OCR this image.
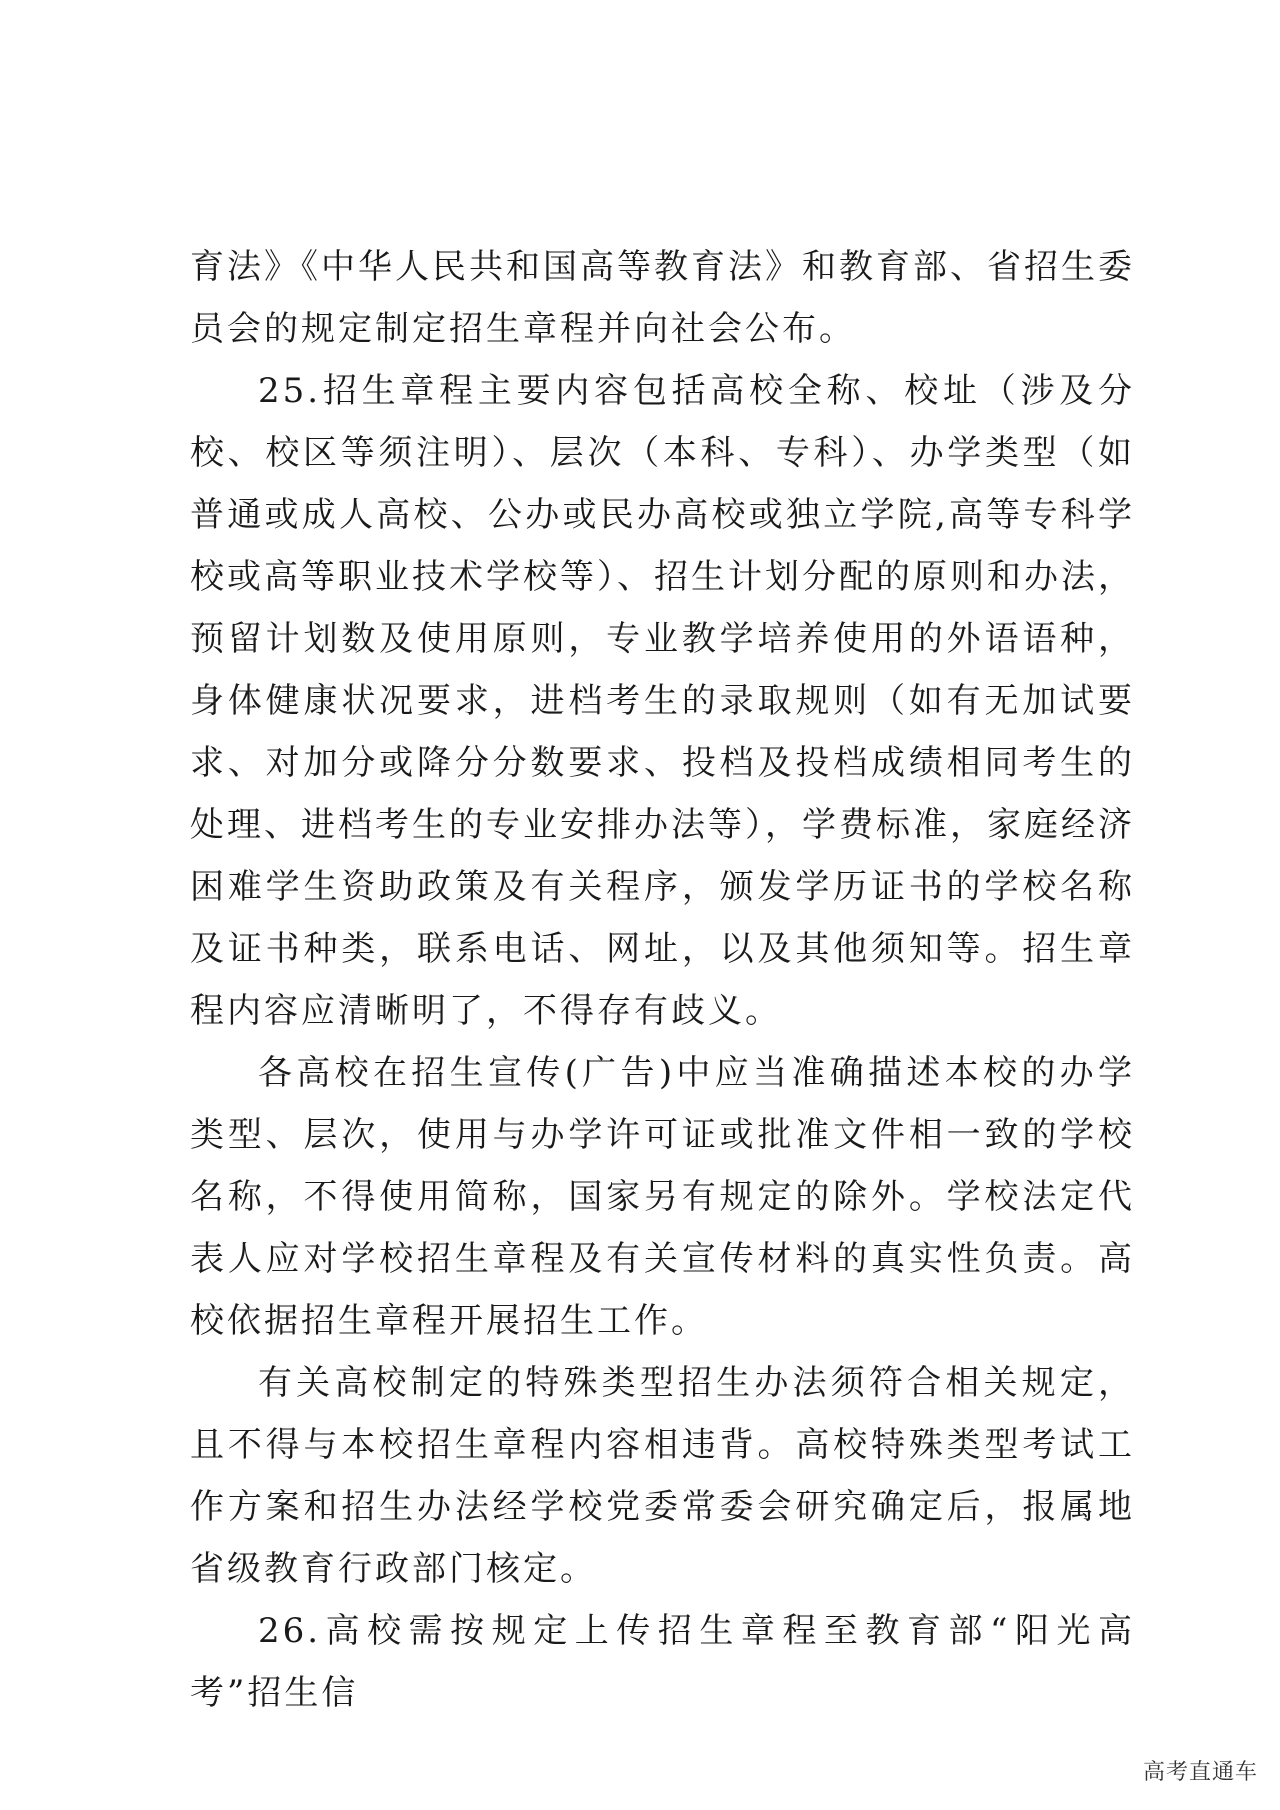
育法》《中华人民共和国高等教育法》和教育部、省招生委员会的规定制定招生章程并向社会公布。

25.招生章程主要内容包括高校全称、校址（涉及分校、校区等须注明）、层次（本科、专科）、办学类型（如普通或成人高校、公办或民办高校或独立学院,高等专科学校或高等职业技术学校等）、招生计划分配的原则和办法，预留计划数及使用原则，专业教学培养使用的外语语种，身体健康状况要求，进档考生的录取规则（如有无加试要求、对加分或降分分数要求、投档及投档成绩相同考生的处理、进档考生的专业安排办法等），学费标准，家庭经济困难学生资助政策及有关程序，颁发学历证书的学校名称及证书种类，联系电话、网址，以及其他须知等。招生章程内容应清晰明了，不得存有歧义。

各高校在招生宣传(广告)中应当准确描述本校的办学类型、层次，使用与办学许可证或批准文件相一致的学校名称，不得使用简称，国家另有规定的除外。学校法定代表人应对学校招生章程及有关宣传材料的真实性负责。高校依据招生章程开展招生工作。

有关高校制定的特殊类型招生办法须符合相关规定，且不得与本校招生章程内容相违背。高校特殊类型考试工作方案和招生办法经学校党委常委会研究确定后，报属地省级教育行政部门核定。

26.高校需按规定上传招生章程至教育部“阳光高考”招生信

高考直通车
